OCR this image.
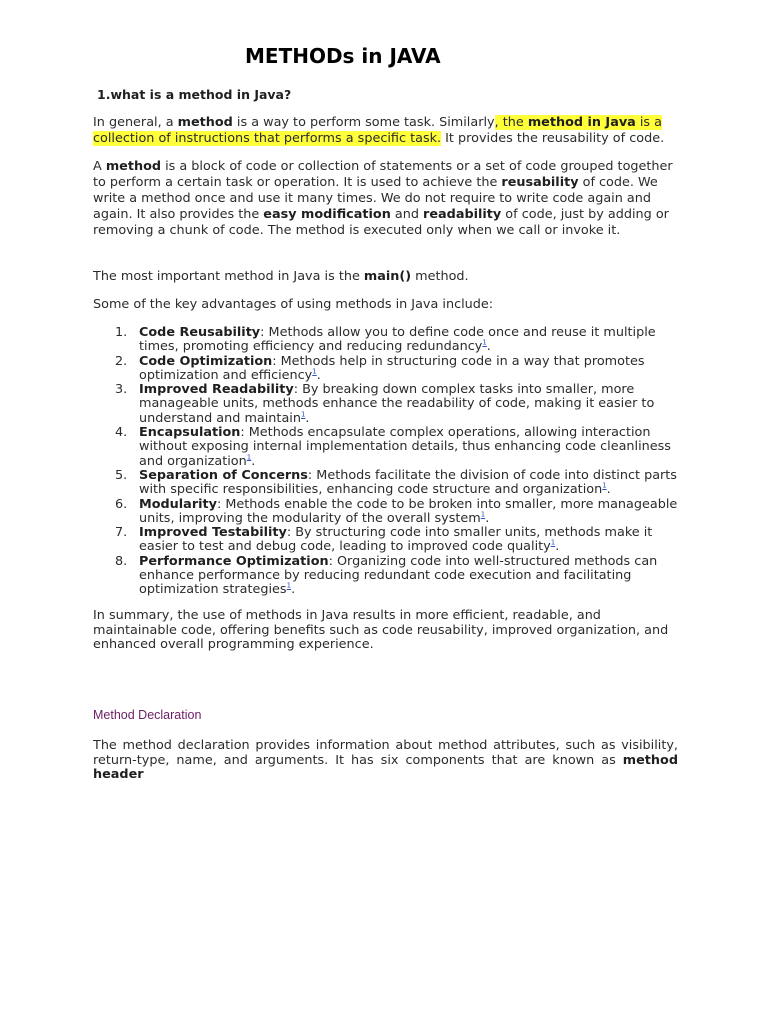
METHODs in JAVA
1.what is a method in Java?

In general, a method is a way to perform some task. Similarly, the method in Java is a collection of instructions that performs a specific task. It provides the reusability of code.

A method is a block of code or collection of statements or a set of code grouped together to perform a certain task or operation. It is used to achieve the reusability of code. We write a method once and use it many times. We do not require to write code again and again. It also provides the easy modification and readability of code, just by adding or removing a chunk of code. The method is executed only when we call or invoke it.

The most important method in Java is the main() method.

Some of the key advantages of using methods in Java include:

1. Code Reusability: Methods allow you to define code once and reuse it multiple times, promoting efficiency and reducing redundancy$^1$.
2. Code Optimization: Methods help in structuring code in a way that promotes optimization and efficiency$^1$.
3. Improved Readability: By breaking down complex tasks into smaller, more manageable units, methods enhance the readability of code, making it easier to understand and maintain$^1$.
4. Encapsulation: Methods encapsulate complex operations, allowing interaction without exposing internal implementation details, thus enhancing code cleanliness and organization$^1$.
5. Separation of Concerns: Methods facilitate the division of code into distinct parts with specific responsibilities, enhancing code structure and organization$^1$.
6. Modularity: Methods enable the code to be broken into smaller, more manageable units, improving the modularity of the overall system$^1$.
7. Improved Testability: By structuring code into smaller units, methods make it easier to test and debug code, leading to improved code quality$^1$.
8. Performance Optimization: Organizing code into well-structured methods can enhance performance by reducing redundant code execution and facilitating optimization strategies$^1$.

In summary, the use of methods in Java results in more efficient, readable, and maintainable code, offering benefits such as code reusability, improved organization, and enhanced overall programming experience.

Method Declaration

The method declaration provides information about method attributes, such as visibility, return-type, name, and arguments. It has six components that are known as method header
